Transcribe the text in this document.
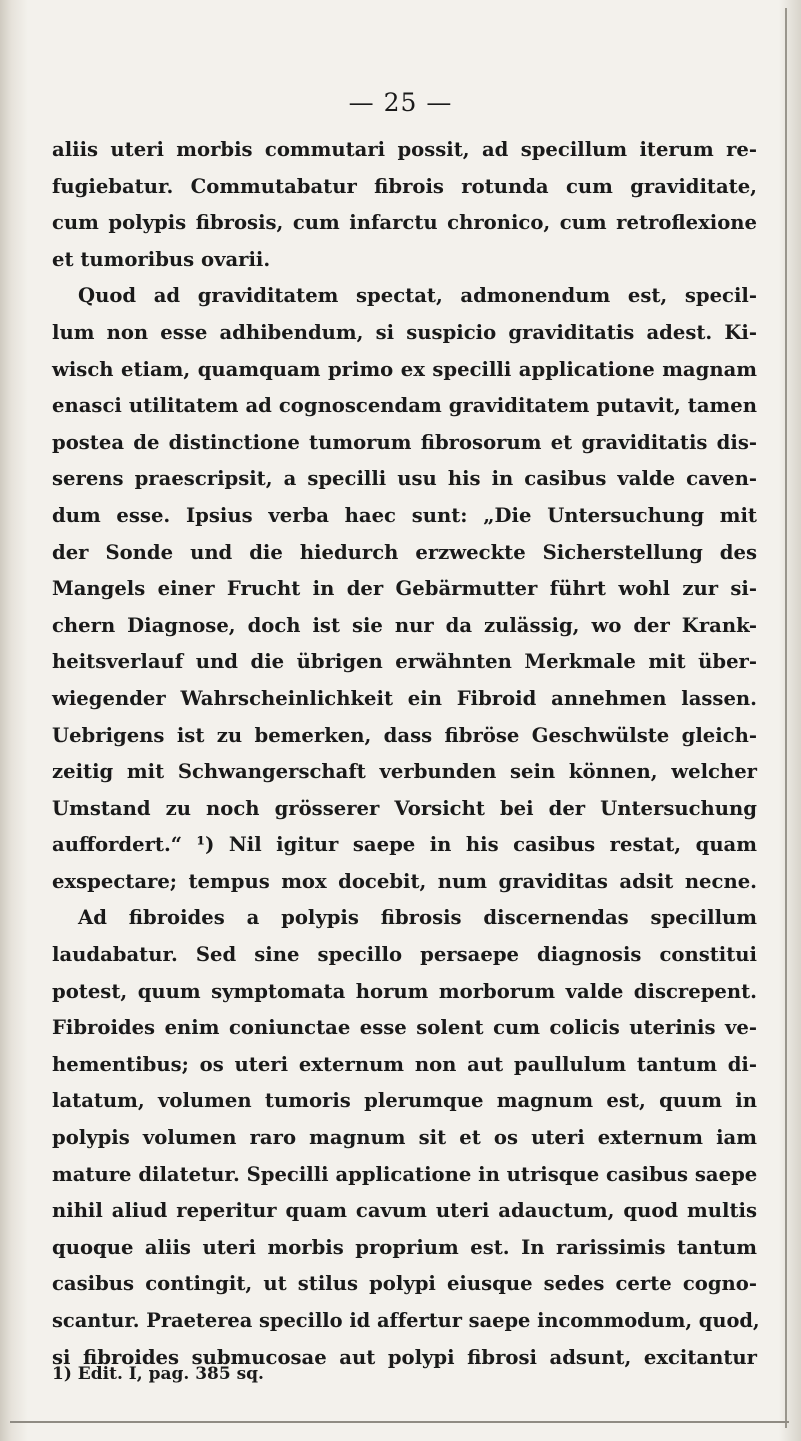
— 25 —
aliis uteri morbis commutari possit, ad specillum iterum re-
fugiebatur. Commutabatur fibrois rotunda cum graviditate,
cum polypis fibrosis, cum infarctu chronico, cum retroflexione
et tumoribus ovarii.
Quod ad graviditatem spectat, admonendum est, specil-
lum non esse adhibendum, si suspicio graviditatis adest. Ki-
wisch etiam, quamquam primo ex specilli applicatione magnam
enasci utilitatem ad cognoscendam graviditatem putavit, tamen
postea de distinctione tumorum fibrosorum et graviditatis dis-
serens praescripsit, a specilli usu his in casibus valde caven-
dum esse. Ipsius verba haec sunt: „Die Untersuchung mit
der Sonde und die hiedurch erzweckte Sicherstellung des
Mangels einer Frucht in der Gebärmutter führt wohl zur si-
chern Diagnose, doch ist sie nur da zulässig, wo der Krank-
heitsverlauf und die übrigen erwähnten Merkmale mit über-
wiegender Wahrscheinlichkeit ein Fibroid annehmen lassen.
Uebrigens ist zu bemerken, dass fibröse Geschwülste gleich-
zeitig mit Schwangerschaft verbunden sein können, welcher
Umstand zu noch grösserer Vorsicht bei der Untersuchung
auffordert.“ ¹) Nil igitur saepe in his casibus restat, quam
exspectare; tempus mox docebit, num graviditas adsit necne.
Ad fibroides a polypis fibrosis discernendas specillum
laudabatur. Sed sine specillo persaepe diagnosis constitui
potest, quum symptomata horum morborum valde discrepent.
Fibroides enim coniunctae esse solent cum colicis uterinis ve-
hementibus; os uteri externum non aut paullulum tantum di-
latatum, volumen tumoris plerumque magnum est, quum in
polypis volumen raro magnum sit et os uteri externum iam
mature dilatetur. Specilli applicatione in utrisque casibus saepe
nihil aliud reperitur quam cavum uteri adauctum, quod multis
quoque aliis uteri morbis proprium est. In rarissimis tantum
casibus contingit, ut stilus polypi eiusque sedes certe cogno-
scantur. Praeterea specillo id affertur saepe incommodum, quod,
si fibroides submucosae aut polypi fibrosi adsunt, excitantur
1) Edit. I, pag. 385 sq.
